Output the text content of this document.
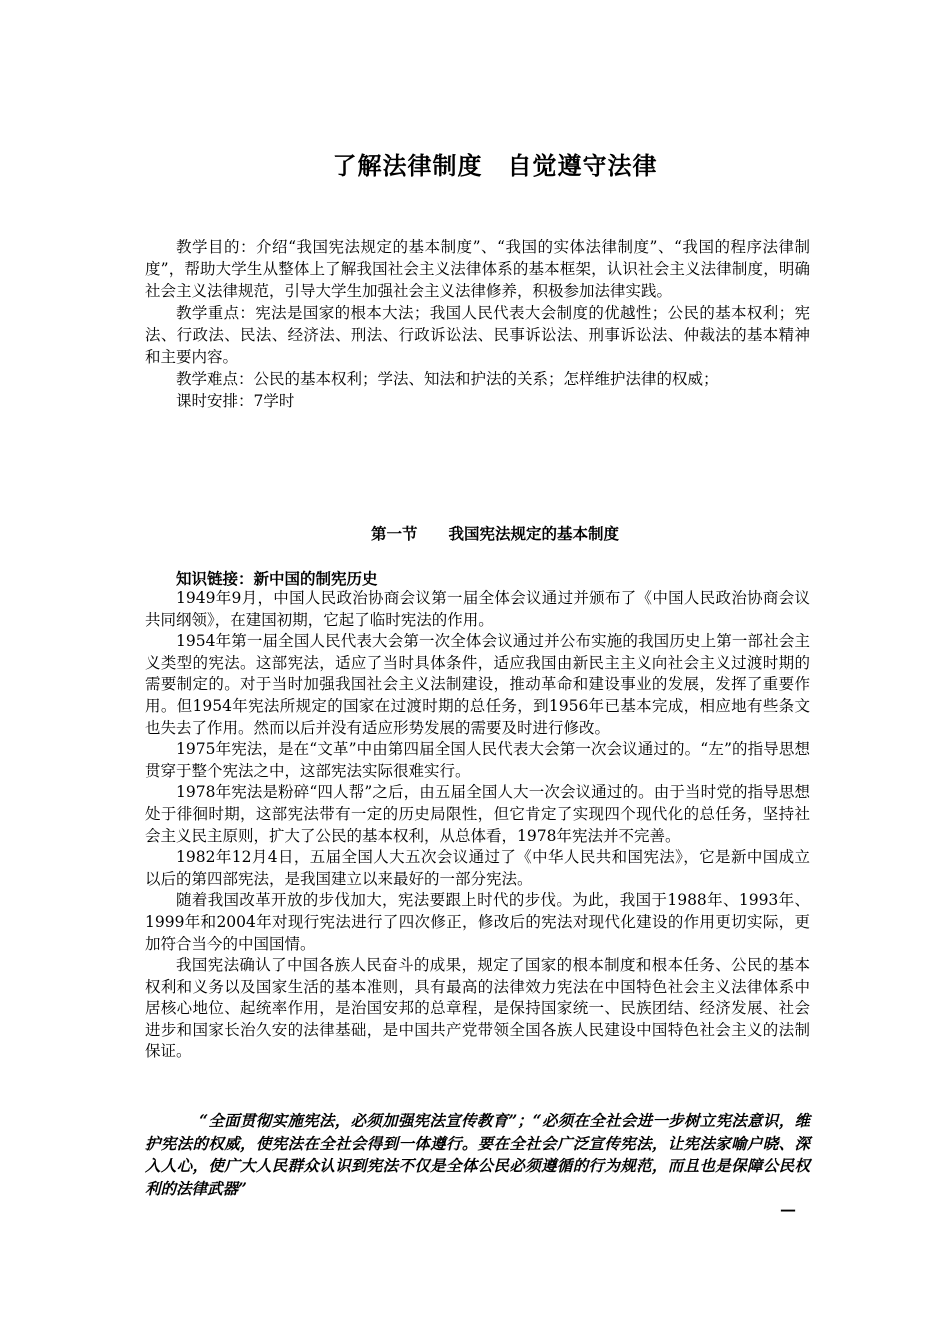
了解法律制度　自觉遵守法律

教学目的：介绍“我国宪法规定的基本制度”、“我国的实体法律制度”、“我国的程序法律制度”，帮助大学生从整体上了解我国社会主义法律体系的基本框架，认识社会主义法律制度，明确社会主义法律规范，引导大学生加强社会主义法律修养，积极参加法律实践。

教学重点：宪法是国家的根本大法；我国人民代表大会制度的优越性；公民的基本权利；宪法、行政法、民法、经济法、刑法、行政诉讼法、民事诉讼法、刑事诉讼法、仲裁法的基本精神和主要内容。

教学难点：公民的基本权利；学法、知法和护法的关系；怎样维护法律的权威；

课时安排：7学时

第一节　　我国宪法规定的基本制度
知识链接：新中国的制宪历史

1949年9月，中国人民政治协商会议第一届全体会议通过并颁布了《中国人民政治协商会议共同纲领》，在建国初期，它起了临时宪法的作用。

1954年第一届全国人民代表大会第一次全体会议通过并公布实施的我国历史上第一部社会主义类型的宪法。这部宪法，适应了当时具体条件，适应我国由新民主主义向社会主义过渡时期的需要制定的。对于当时加强我国社会主义法制建设，推动革命和建设事业的发展，发挥了重要作用。但1954年宪法所规定的国家在过渡时期的总任务，到1956年已基本完成，相应地有些条文也失去了作用。然而以后并没有适应形势发展的需要及时进行修改。

1975年宪法，是在“文革”中由第四届全国人民代表大会第一次会议通过的。“左”的指导思想贯穿于整个宪法之中，这部宪法实际很难实行。

1978年宪法是粉碎“四人帮”之后，由五届全国人大一次会议通过的。由于当时党的指导思想处于徘徊时期，这部宪法带有一定的历史局限性，但它肯定了实现四个现代化的总任务，坚持社会主义民主原则，扩大了公民的基本权利，从总体看，1978年宪法并不完善。

1982年12月4日，五届全国人大五次会议通过了《中华人民共和国宪法》，它是新中国成立以后的第四部宪法，是我国建立以来最好的一部分宪法。

随着我国改革开放的步伐加大，宪法要跟上时代的步伐。为此，我国于1988年、1993年、1999年和2004年对现行宪法进行了四次修正，修改后的宪法对现代化建设的作用更切实际，更加符合当今的中国国情。

我国宪法确认了中国各族人民奋斗的成果，规定了国家的根本制度和根本任务、公民的基本权利和义务以及国家生活的基本准则，具有最高的法律效力宪法在中国特色社会主义法律体系中居核心地位、起统率作用，是治国安邦的总章程，是保持国家统一、民族团结、经济发展、社会进步和国家长治久安的法律基础，是中国共产党带领全国各族人民建设中国特色社会主义的法制保证。

“全面贯彻实施宪法，必须加强宪法宣传教育”；“必须在全社会进一步树立宪法意识，维护宪法的权威，使宪法在全社会得到一体遵行。要在全社会广泛宣传宪法，让宪法家喻户晓、深入人心，使广大人民群众认识到宪法不仅是全体公民必须遵循的行为规范，而且也是保障公民权利的法律武器”
—
